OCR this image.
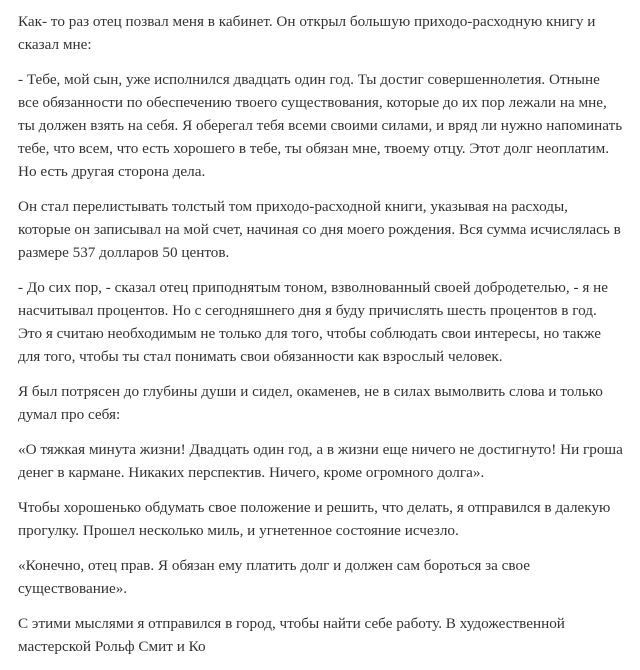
Как- то раз отец позвал меня в кабинет. Он открыл большую приходо-расходную книгу и сказал мне:

- Тебе, мой сын, уже исполнился двадцать один год. Ты достиг совершеннолетия. Отныне все обязанности по обеспечению твоего существования, которые до их пор лежали на мне, ты должен взять на себя. Я оберегал тебя всеми своими силами, и вряд ли нужно напоминать тебе, что всем, что есть хорошего в тебе, ты обязан мне, твоему отцу. Этот долг неоплатим. Но есть другая сторона дела.

Он стал перелистывать толстый том приходо-расходной книги, указывая на расходы, которые он записывал на мой счет, начиная со дня моего рождения. Вся сумма исчислялась в размере 537 долларов 50 центов.

- До сих пор, - сказал отец приподнятым тоном, взволнованный своей добродетелью, - я не насчитывал процентов. Но с сегодняшнего дня я буду причислять шесть процентов в год. Это я считаю необходимым не только для того, чтобы соблюдать свои интересы, но также для того, чтобы ты стал понимать свои обязанности как взрослый человек.

Я был потрясен до глубины души и сидел, окаменев, не в силах вымолвить слова и только думал про себя:

«О тяжкая минута жизни! Двадцать один год, а в жизни еще ничего не достигнуто! Ни гроша денег в кармане. Никаких перспектив. Ничего, кроме огромного долга».

Чтобы хорошенько обдумать свое положение и решить, что делать, я отправился в далекую прогулку. Прошел несколько миль, и угнетенное состояние исчезло.

«Конечно, отец прав. Я обязан ему платить долг и должен сам бороться за свое существование».

С этими мыслями я отправился в город, чтобы найти себе работу. В художественной мастерской Рольф Смит и Ко
